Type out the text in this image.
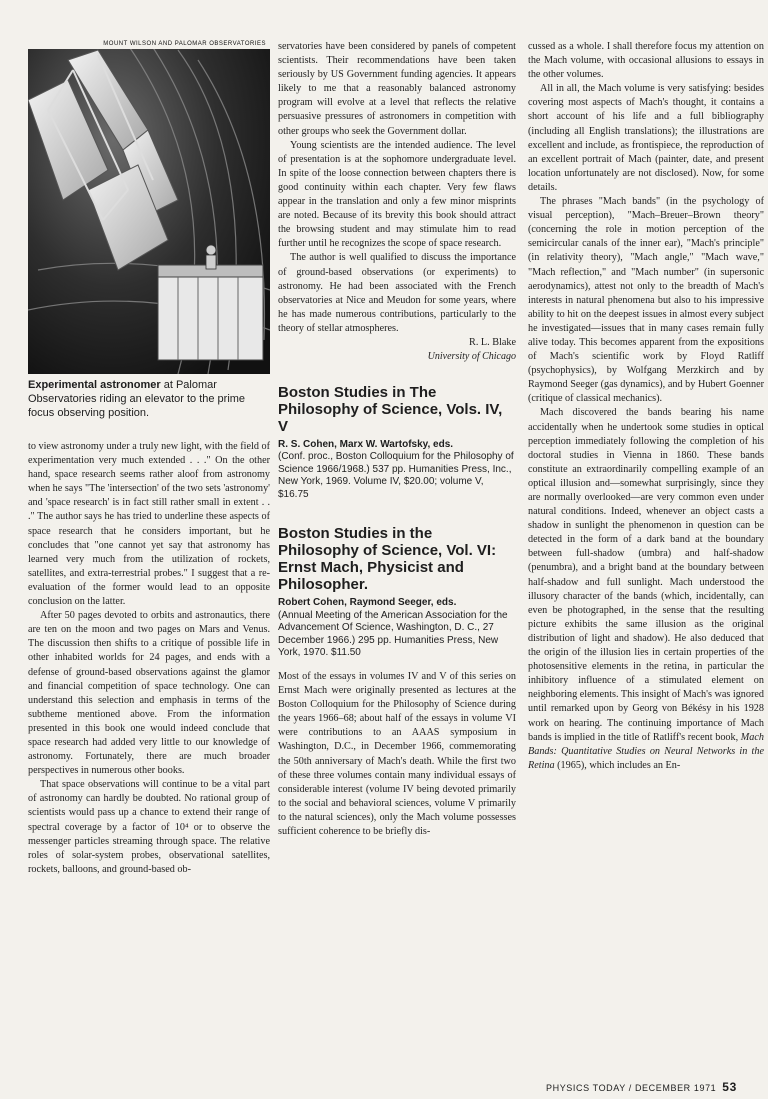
MOUNT WILSON AND PALOMAR OBSERVATORIES
Experimental astronomer at Palomar Observatories riding an elevator to the prime focus observing position.

to view astronomy under a truly new light, with the field of experimentation very much extended . . ." On the other hand, space research seems rather aloof from astronomy when he says "The 'intersection' of the two sets 'astronomy' and 'space research' is in fact still rather small in extent . . ." The author says he has tried to underline these aspects of space research that he considers important, but he concludes that "one cannot yet say that astronomy has learned very much from the utilization of rockets, satellites, and extra-terrestrial probes." I suggest that a re-evaluation of the former would lead to an opposite conclusion on the latter.

After 50 pages devoted to orbits and astronautics, there are ten on the moon and two pages on Mars and Venus. The discussion then shifts to a critique of possible life in other inhabited worlds for 24 pages, and ends with a defense of ground-based observations against the glamor and financial competition of space technology. One can understand this selection and emphasis in terms of the subtheme mentioned above. From the information presented in this book one would indeed conclude that space research had added very little to our knowledge of astronomy. Fortunately, there are much broader perspectives in numerous other books.

That space observations will continue to be a vital part of astronomy can hardly be doubted. No rational group of scientists would pass up a chance to extend their range of spectral coverage by a factor of 10⁴ or to observe the messenger particles streaming through space. The relative roles of solar-system probes, observational satellites, rockets, balloons, and ground-based ob-

servatories have been considered by panels of competent scientists. Their recommendations have been taken seriously by US Government funding agencies. It appears likely to me that a reasonably balanced astronomy program will evolve at a level that reflects the relative persuasive pressures of astronomers in competition with other groups who seek the Government dollar.

Young scientists are the intended audience. The level of presentation is at the sophomore undergraduate level. In spite of the loose connection between chapters there is good continuity within each chapter. Very few flaws appear in the translation and only a few minor misprints are noted. Because of its brevity this book should attract the browsing student and may stimulate him to read further until he recognizes the scope of space research.

The author is well qualified to discuss the importance of ground-based observations (or experiments) to astronomy. He had been associated with the French observatories at Nice and Meudon for some years, where he has made numerous contributions, particularly to the theory of stellar atmospheres.

R. L. Blake
University of Chicago
Boston Studies in The Philosophy of Science, Vols. IV, V
R. S. Cohen, Marx W. Wartofsky, eds.
(Conf. proc., Boston Colloquium for the Philosophy of Science 1966/1968.) 537 pp. Humanities Press, Inc., New York, 1969. Volume IV, $20.00; volume V, $16.75
Boston Studies in the Philosophy of Science, Vol. VI: Ernst Mach, Physicist and Philosopher.
Robert Cohen, Raymond Seeger, eds.
(Annual Meeting of the American Association for the Advancement Of Science, Washington, D. C., 27 December 1966.) 295 pp. Humanities Press, New York, 1970. $11.50

Most of the essays in volumes IV and V of this series on Ernst Mach were originally presented as lectures at the Boston Colloquium for the Philosophy of Science during the years 1966–68; about half of the essays in volume VI were contributions to an AAAS symposium in Washington, D.C., in December 1966, commemorating the 50th anniversary of Mach's death. While the first two of these three volumes contain many individual essays of considerable interest (volume IV being devoted primarily to the social and behavioral sciences, volume V primarily to the natural sciences), only the Mach volume possesses sufficient coherence to be briefly dis-

cussed as a whole. I shall therefore focus my attention on the Mach volume, with occasional allusions to essays in the other volumes.

All in all, the Mach volume is very satisfying: besides covering most aspects of Mach's thought, it contains a short account of his life and a full bibliography (including all English translations); the illustrations are excellent and include, as frontispiece, the reproduction of an excellent portrait of Mach (painter, date, and present location unfortunately are not disclosed). Now, for some details.

The phrases "Mach bands" (in the psychology of visual perception), "Mach–Breuer–Brown theory" (concerning the role in motion perception of the semicircular canals of the inner ear), "Mach's principle" (in relativity theory), "Mach angle," "Mach wave," "Mach reflection," and "Mach number" (in supersonic aerodynamics), attest not only to the breadth of Mach's interests in natural phenomena but also to his impressive ability to hit on the deepest issues in almost every subject he investigated—issues that in many cases remain fully alive today. This becomes apparent from the expositions of Mach's scientific work by Floyd Ratliff (psychophysics), by Wolfgang Merzkirch and by Raymond Seeger (gas dynamics), and by Hubert Goenner (critique of classical mechanics).

Mach discovered the bands bearing his name accidentally when he undertook some studies in optical perception immediately following the completion of his doctoral studies in Vienna in 1860. These bands constitute an extraordinarily compelling example of an optical illusion and—somewhat surprisingly, since they are normally overlooked—are very common even under natural conditions. Indeed, whenever an object casts a shadow in sunlight the phenomenon in question can be detected in the form of a dark band at the boundary between full-shadow (umbra) and half-shadow (penumbra), and a bright band at the boundary between half-shadow and full sunlight. Mach understood the illusory character of the bands (which, incidentally, can even be photographed, in the sense that the resulting picture exhibits the same illusion as the original distribution of light and shadow). He also deduced that the origin of the illusion lies in certain properties of the photosensitive elements in the retina, in particular the inhibitory influence of a stimulated element on neighboring elements. This insight of Mach's was ignored until remarked upon by Georg von Békésy in his 1928 work on hearing. The continuing importance of Mach bands is implied in the title of Ratliff's recent book, Mach Bands: Quantitative Studies on Neural Networks in the Retina (1965), which includes an En-

PHYSICS TODAY / DECEMBER 1971 53
